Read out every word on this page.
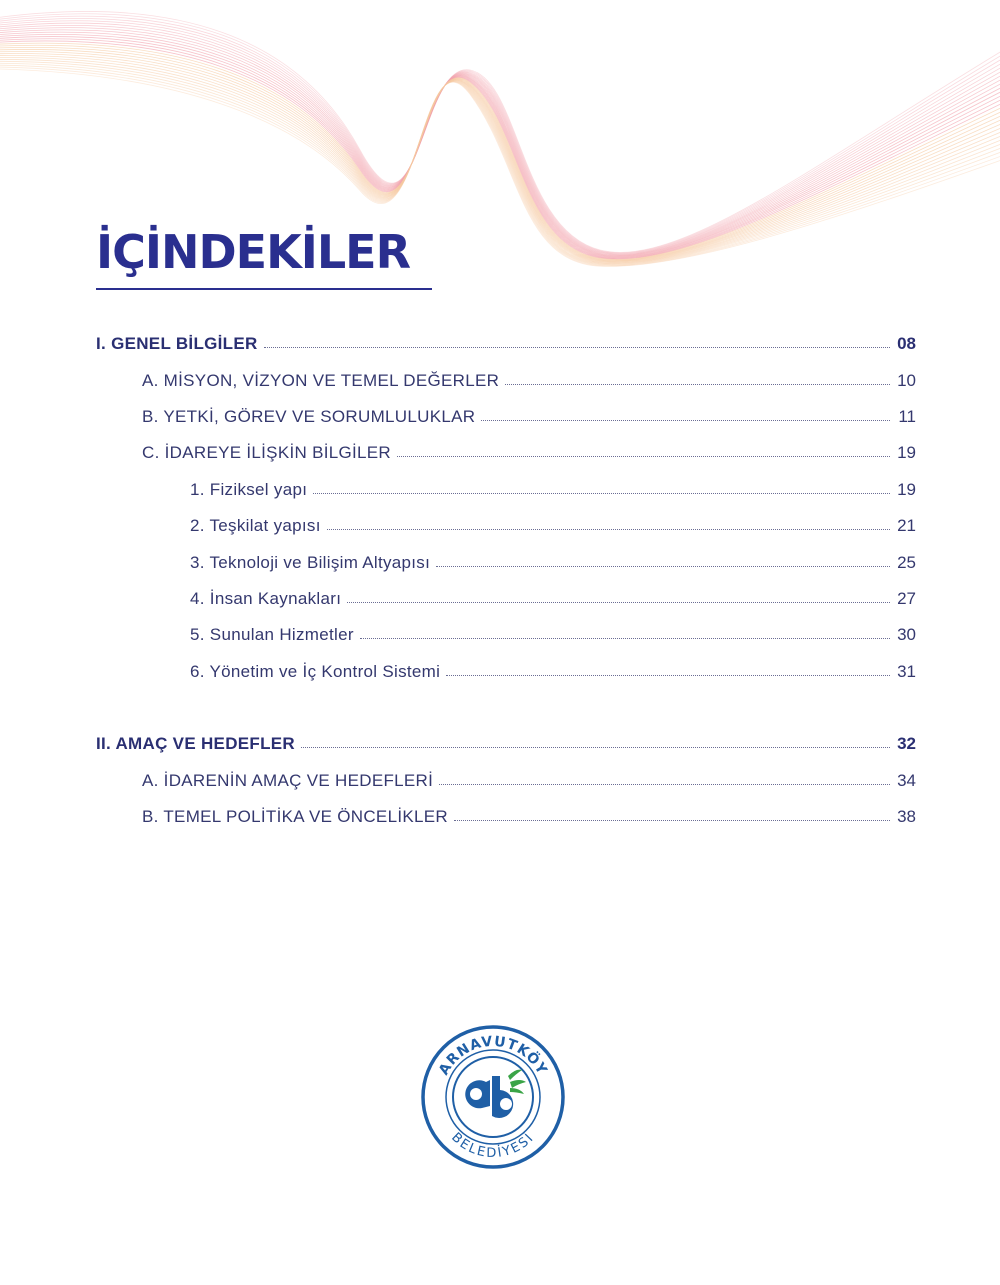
İÇİNDEKİLER
I. GENEL BİLGİLER	08
A. MİSYON, VİZYON VE TEMEL DEĞERLER	10
B. YETKİ, GÖREV VE SORUMLULUKLAR	11
C. İDAREYE İLİŞKİN BİLGİLER	19
1. Fiziksel yapı	19
2. Teşkilat yapısı	21
3. Teknoloji ve Bilişim Altyapısı	25
4. İnsan Kaynakları	27
5. Sunulan Hizmetler	30
6. Yönetim ve İç Kontrol Sistemi	31
II. AMAÇ VE HEDEFLER	32
A. İDARENİN AMAÇ VE HEDEFLERİ	34
B. TEMEL POLİTİKA VE ÖNCELİKLER	38
ARNAVUTKÖY
BELEDİYESİ
